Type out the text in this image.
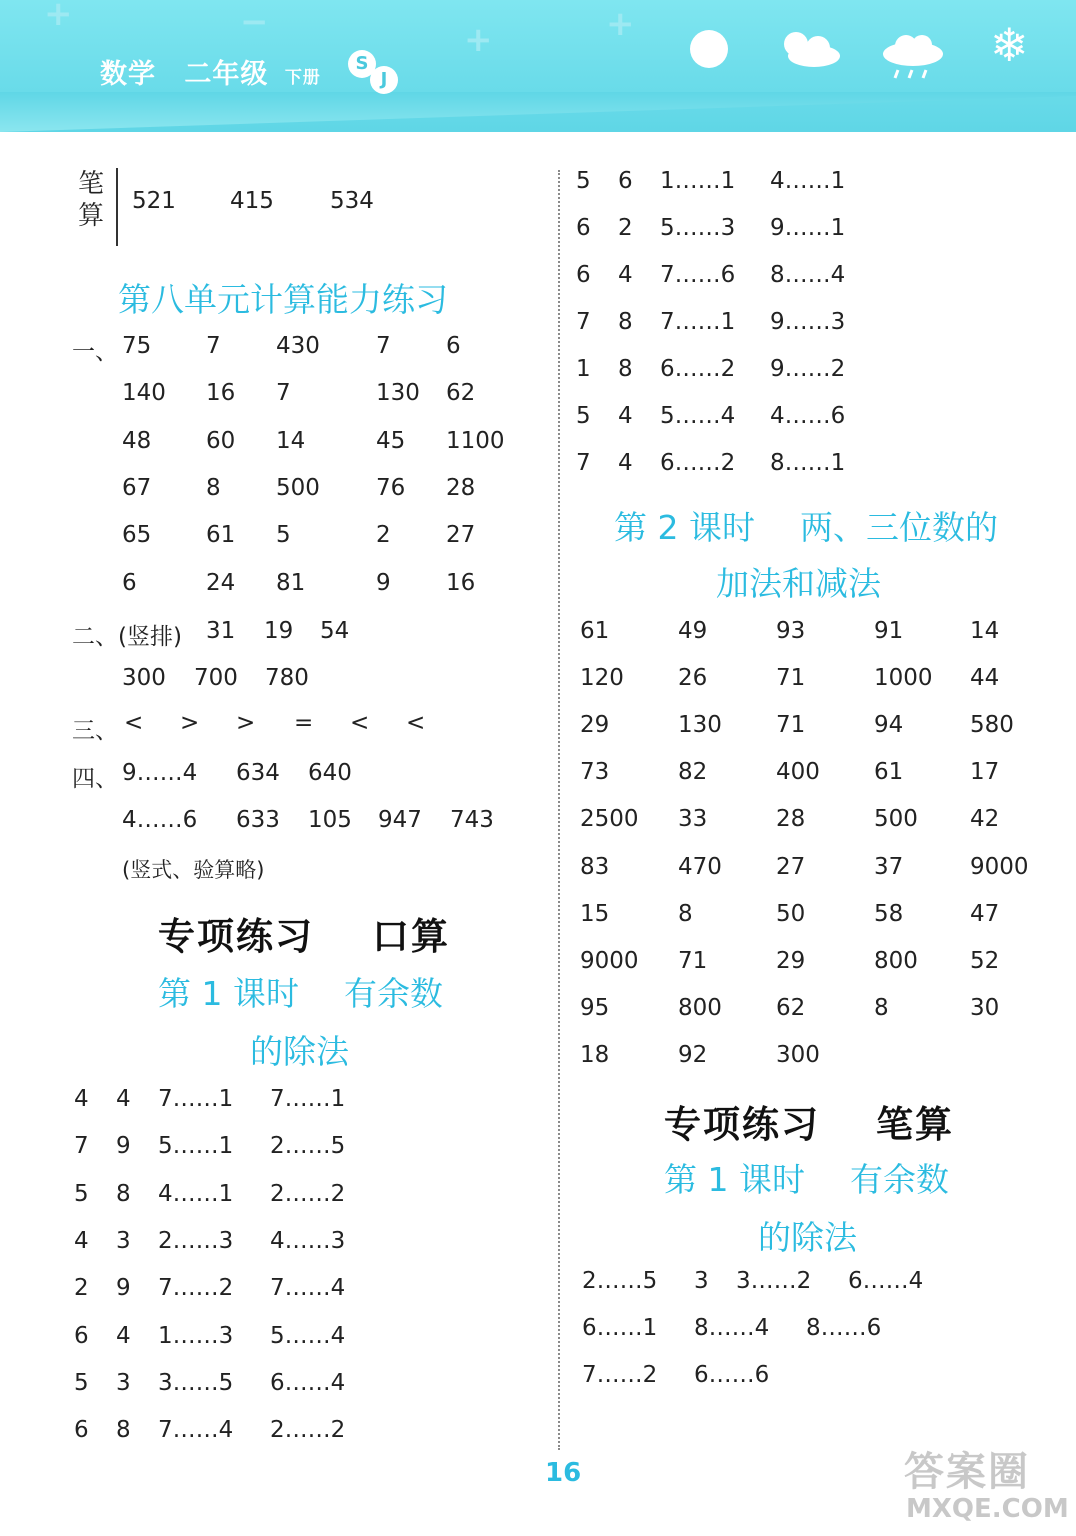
+	−	+	+
数学 二年级 下册
S
J
❄
笔算 521 415 534
第八单元计算能力练习
一、 75 7 430 7 6
140 16 7	130 62
48 60 14	45 1100
67 8 500 76 28
65 61 5	2 27
6	24 81	9 16
二、 (竖排) 31 19 54
300 700 780
三、 < > > = < <
四、 9……4 634 640
4……6 633 105 947 743
(竖式、验算略)
专项练习 口算
第 1 课时 有余数
的除法
4 4 7……1 7……1
7 9 5……1 2……5
5 8 4……1 2……2
4 3 2……3 4……3
2 9 7……2 7……4
6 4 1……3 5……4
5 3 3……5 6……4
6 8 7……4 2……2
5 6 1……1 4……1
6 2 5……3 9……1
6 4 7……6 8……4
7 8 7……1 9……3
1 8 6……2 9……2
5 4 5……4 4……6
7 4 6……2 8……1
第 2 课时 两、三位数的
加法和减法
61	49	93	91	14
120 26	71	1000 44
29	130 71	94	580
73	82	400 61	17
2500 33	28	500 42
83	470 27	37	9000
15	8	50	58	47
9000 71	29	800 52
95	800 62	8	30
18	92	300
专项练习 笔算
第 1 课时 有余数
的除法
2……5 3 3……2 6……4
6……1 8……4 8……6
7……2 6……6
16	答案圈
MXQE.COM
